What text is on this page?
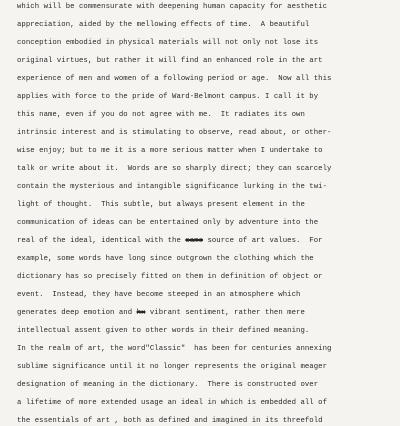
which will be commensurate with deepening human capacity for aesthetic
appreciation, aided by the mellowing effects of time.  A beautiful
conception embodied in physical materials will not only not lose its
original virtues, but rather it will find an enhanced role in the art
experience of men and women of a following period or age.  Now all this
applies with force to the pride of Ward-Belmont campus. I call it by
this name, even if you do not agree with me.  It radiates its own
intrinsic interest and is stimulating to observe, read about, or other-
wise enjoy; but to me it is a more serious matter when I undertake to
talk or write about it.  Words are so sharply direct; they can scarcely
contain the mysterious and intangible significance lurking in the twi-
light of thought.  This subtle, but always present element in the
communication of ideas can be entertained only by adventure into the
real of the ideal, identical with the same source of art values.  For
example, some words have long since outgrown the clothing which the
dictionary has so precisely fitted on them in definition of object or
event.  Instead, they have become steeped in an atmosphere which
generates deep emotion and hx vibrant sentiment, rather then mere
intellectual assent given to other words in their defined meaning.
In the realm of art, the word"Classic"  has been for centuries annexing
sublime significance until it no longer represents the original meager
designation of meaning in the dictionary.  There is constructed over
a lifetime of more extended usage an ideal in which is embedded all of
the essentials of art , both as defined and imagined in its threefold
